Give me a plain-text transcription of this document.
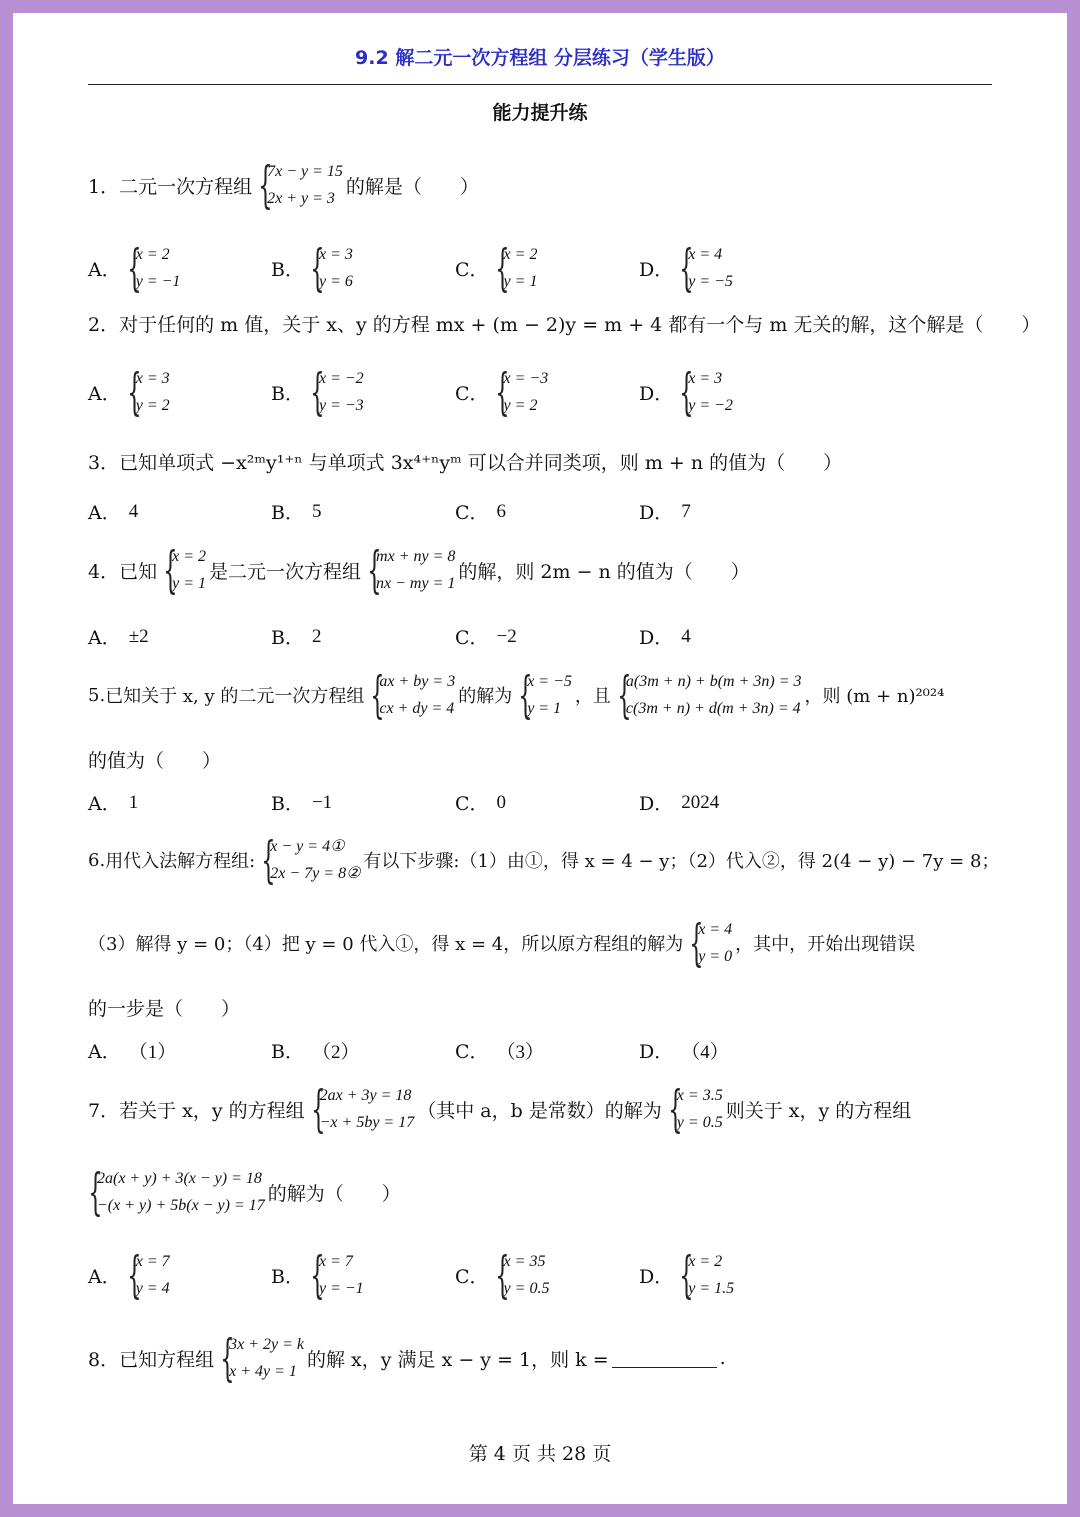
9.2 解二元一次方程组 分层练习（学生版）
能力提升练
1． 二元一次方程组 {
7x − y = 15
2x + y = 3
的解是（　　）
A． {
x = 2
y = −1
B． {
x = 3
y = 6
C． {
x = 2
y = 1
D． {
x = 4
y = −5
2． 对于任何的 m 值，关于 x、y 的方程 mx + (m − 2)y = m + 4 都有一个与 m 无关的解，这个解是（　　）
A． {
x = 3
y = 2
B． {
x = −2
y = −3
C． {
x = −3
y = 2
D． {
x = 3
y = −2
3． 已知单项式 −x²ᵐy¹⁺ⁿ 与单项式 3x⁴⁺ⁿyᵐ 可以合并同类项，则 m + n 的值为（　　）
A． 4	B． 5	C． 6	D． 7
4． 已知 {
x = 2
y = 1
是二元一次方程组 {
mx + ny = 8
nx − my = 1
的解，则 2m − n 的值为（　　）
A． ±2	B． 2	C． −2	D． 4
5. 已知关于 x, y 的二元一次方程组 {
ax + by = 3
cx + dy = 4
的解为 {
x = −5
y = 1
，且 {
a(3m + n) + b(m + 3n) = 3
c(3m + n) + d(m + 3n) = 4
，则 (m + n)²⁰²⁴
的值为（　　）
A． 1	B． −1	C． 0	D． 2024
6. 用代入法解方程组: {
x − y = 4①
2x − 7y = 8②
有以下步骤:（1）由①，得 x = 4 − y；（2）代入②，得 2(4 − y) − 7y = 8；
（3）解得 y = 0；（4）把 y = 0 代入①，得 x = 4，所以原方程组的解为 {
x = 4
y = 0
，其中，开始出现错误
的一步是（　　）
A． （1）	B． （2）	C． （3）	D． （4）
7． 若关于 x，y 的方程组 {
2ax + 3y = 18
−x + 5by = 17
（其中 a，b 是常数）的解为 {
x = 3.5
y = 0.5
则关于 x，y 的方程组
{
2a(x + y) + 3(x − y) = 18
−(x + y) + 5b(x − y) = 17
的解为（　　）
A． {
x = 7
y = 4
B． {
x = 7
y = −1
C． {
x = 35
y = 0.5
D． {
x = 2
y = 1.5
8． 已知方程组 {
3x + 2y = k
x + 4y = 1
的解 x，y 满足 x − y = 1，则 k =	.
第 4 页 共 28 页
